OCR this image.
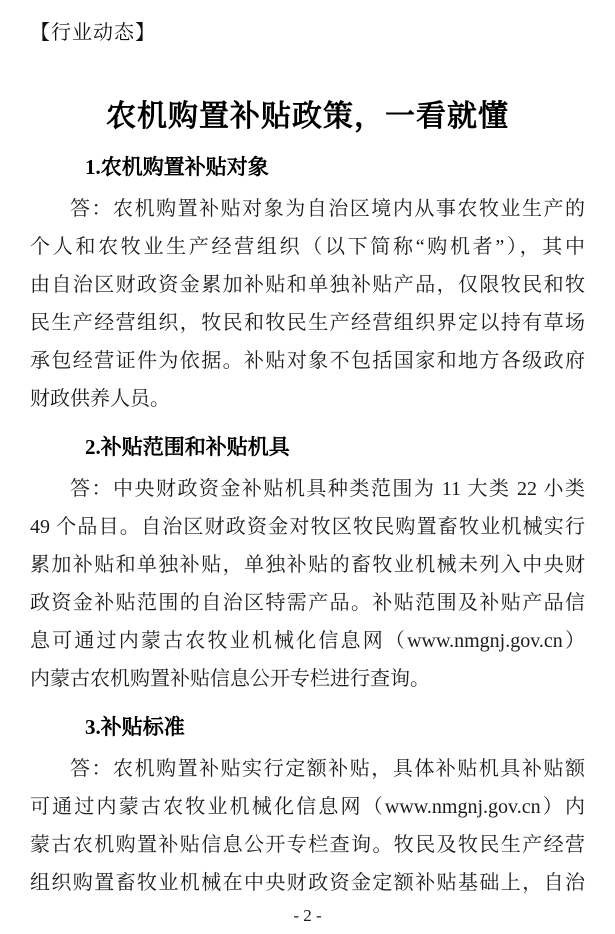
【行业动态】
农机购置补贴政策，一看就懂
1.农机购置补贴对象
答：农机购置补贴对象为自治区境内从事农牧业生产的
个人和农牧业生产经营组织（以下简称“购机者”），其中
由自治区财政资金累加补贴和单独补贴产品，仅限牧民和牧
民生产经营组织，牧民和牧民生产经营组织界定以持有草场
承包经营证件为依据。补贴对象不包括国家和地方各级政府
财政供养人员。
2.补贴范围和补贴机具
答：中央财政资金补贴机具种类范围为 11 大类 22 小类
49 个品目。自治区财政资金对牧区牧民购置畜牧业机械实行
累加补贴和单独补贴，单独补贴的畜牧业机械未列入中央财
政资金补贴范围的自治区特需产品。补贴范围及补贴产品信
息可通过内蒙古农牧业机械化信息网（www.nmgnj.gov.cn）
内蒙古农机购置补贴信息公开专栏进行查询。
3.补贴标准
答：农机购置补贴实行定额补贴，具体补贴机具补贴额
可通过内蒙古农牧业机械化信息网（www.nmgnj.gov.cn）内
蒙古农机购置补贴信息公开专栏查询。牧民及牧民生产经营
组织购置畜牧业机械在中央财政资金定额补贴基础上，自治
- 2 -
